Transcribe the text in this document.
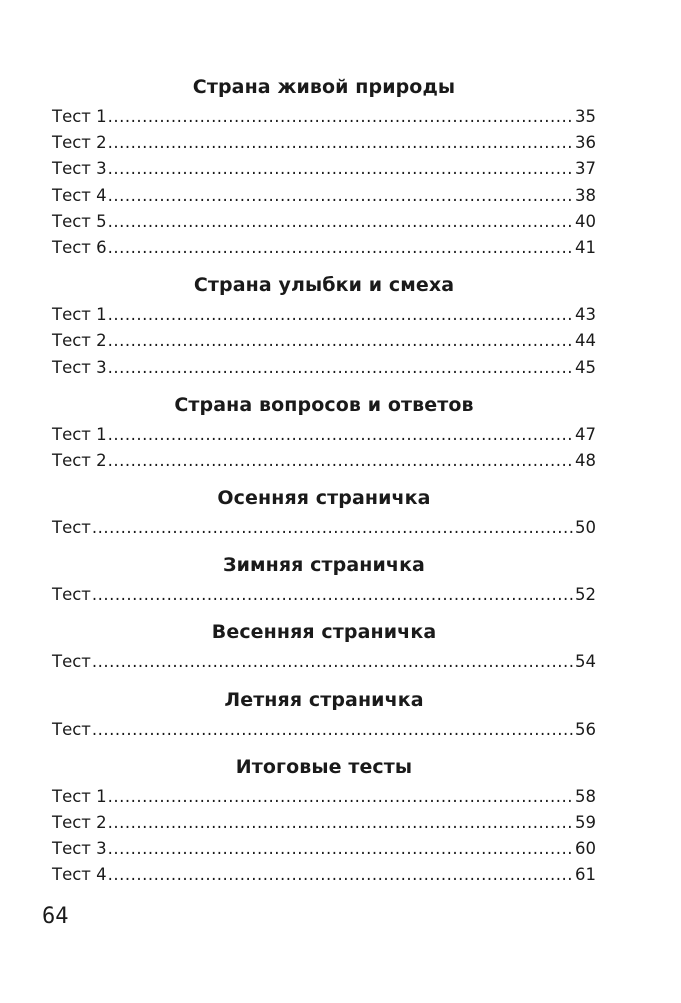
Страна живой природы
Тест 1 .....	35
Тест 2 .....	36
Тест 3 .....	37
Тест 4 .....	38
Тест 5 .....	40
Тест 6 .....	41
Страна улыбки и смеха
Тест 1 .....	43
Тест 2 .....	44
Тест 3 .....	45
Страна вопросов и ответов
Тест 1 .....	47
Тест 2 .....	48
Осенняя страничка
Тест .....	50
Зимняя страничка
Тест .....	52
Весенняя страничка
Тест .....	54
Летняя страничка
Тест .....	56
Итоговые тесты
Тест 1 .....	58
Тест 2 .....	59
Тест 3 .....	60
Тест 4 .....	61
64
